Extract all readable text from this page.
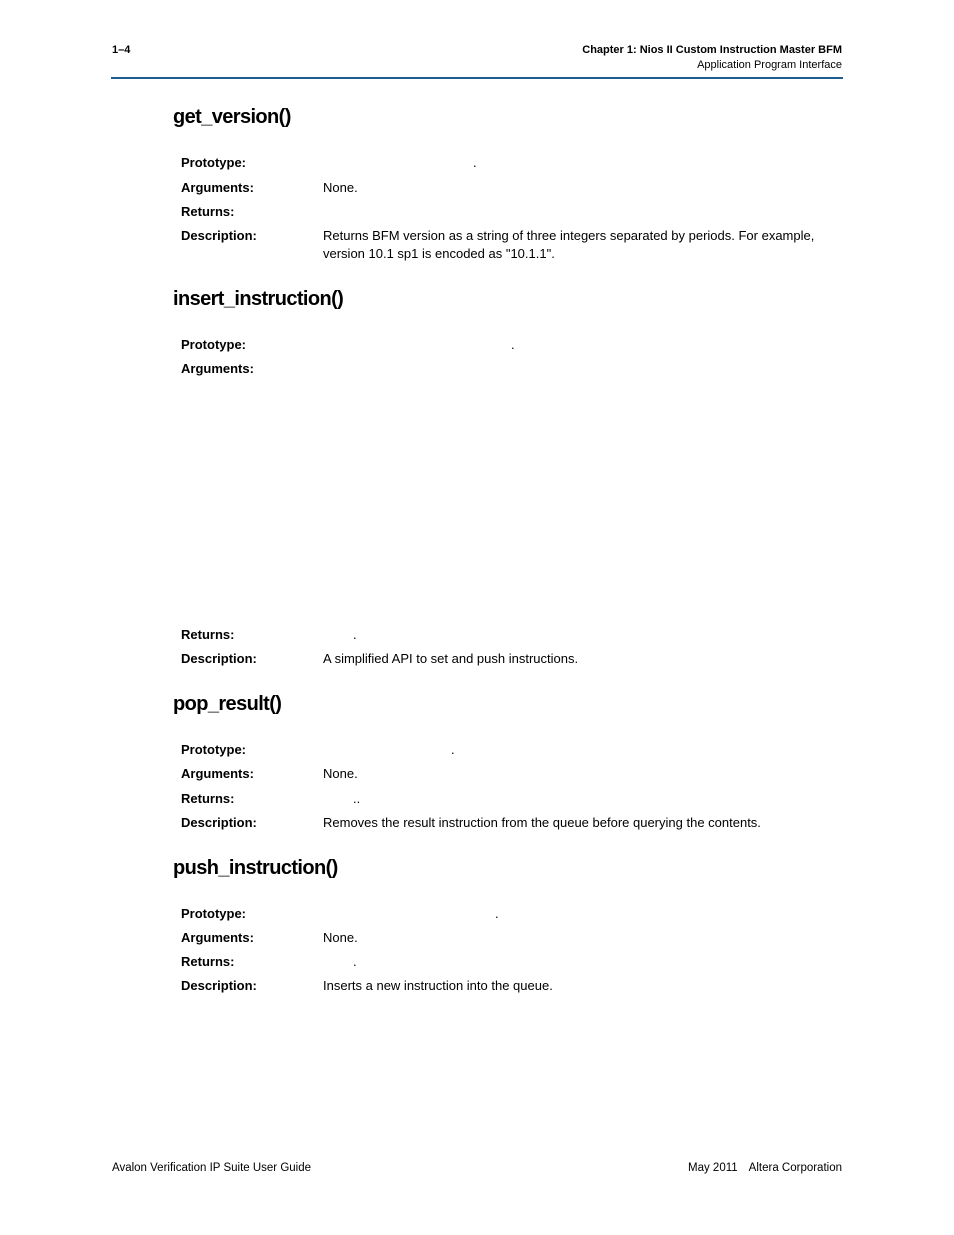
1–4	Chapter 1: Nios II Custom Instruction Master BFM
Application Program Interface
get_version()
Prototype:	.
Arguments:	None.
Returns:
Description:	Returns BFM version as a string of three integers separated by periods. For example, version 10.1 sp1 is encoded as "10.1.1".
insert_instruction()
Prototype:	.
Arguments:
Returns:	.
Description:	A simplified API to set and push instructions.
pop_result()
Prototype:	.
Arguments:	None.
Returns:	..
Description:	Removes the result instruction from the queue before querying the contents.
push_instruction()
Prototype:	.
Arguments:	None.
Returns:	.
Description:	Inserts a new instruction into the queue.
Avalon Verification IP Suite User Guide	May 2011 Altera Corporation
